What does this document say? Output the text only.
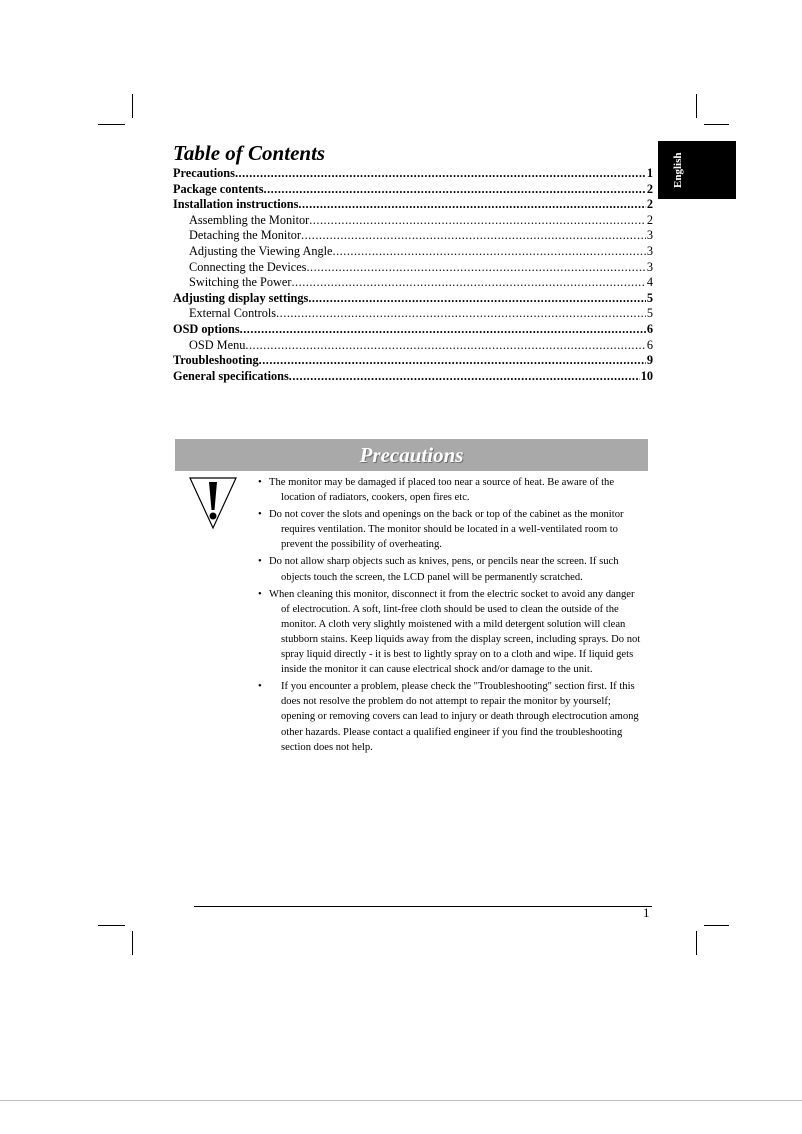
English
Table of Contents
Precautions .....	1
Package contents .....	2
Installation instructions .....	2
Assembling the Monitor .....	2
Detaching the Monitor .....	3
Adjusting the Viewing Angle .....	3
Connecting the Devices .....	3
Switching the Power .....	4
Adjusting display settings .....	5
External Controls .....	5
OSD options .....	6
OSD Menu .....	6
Troubleshooting .....	9
General specifications .....	10
Precautions
• The monitor may be damaged if placed too near a source of heat. Be aware of the location of radiators, cookers, open fires etc.

• Do not cover the slots and openings on the back or top of the cabinet as the monitor requires ventilation. The monitor should be located in a well-ventilated room to prevent the possibility of overheating.

• Do not allow sharp objects such as knives, pens, or pencils near the screen. If such objects touch the screen, the LCD panel will be permanently scratched.

• When cleaning this monitor, disconnect it from the electric socket to avoid any danger of electrocution. A soft, lint-free cloth should be used to clean the outside of the monitor. A cloth very slightly moistened with a mild detergent solution will clean stubborn stains. Keep liquids away from the display screen, including sprays. Do not spray liquid directly - it is best to lightly spray on to a cloth and wipe. If liquid gets inside the monitor it can cause electrical shock and/or damage to the unit.

• If you encounter a problem, please check the "Troubleshooting" section first. If this does not resolve the problem do not attempt to repair the monitor by yourself; opening or removing covers can lead to injury or death through electrocution among other hazards. Please contact a qualified engineer if you find the troubleshooting section does not help.

1
